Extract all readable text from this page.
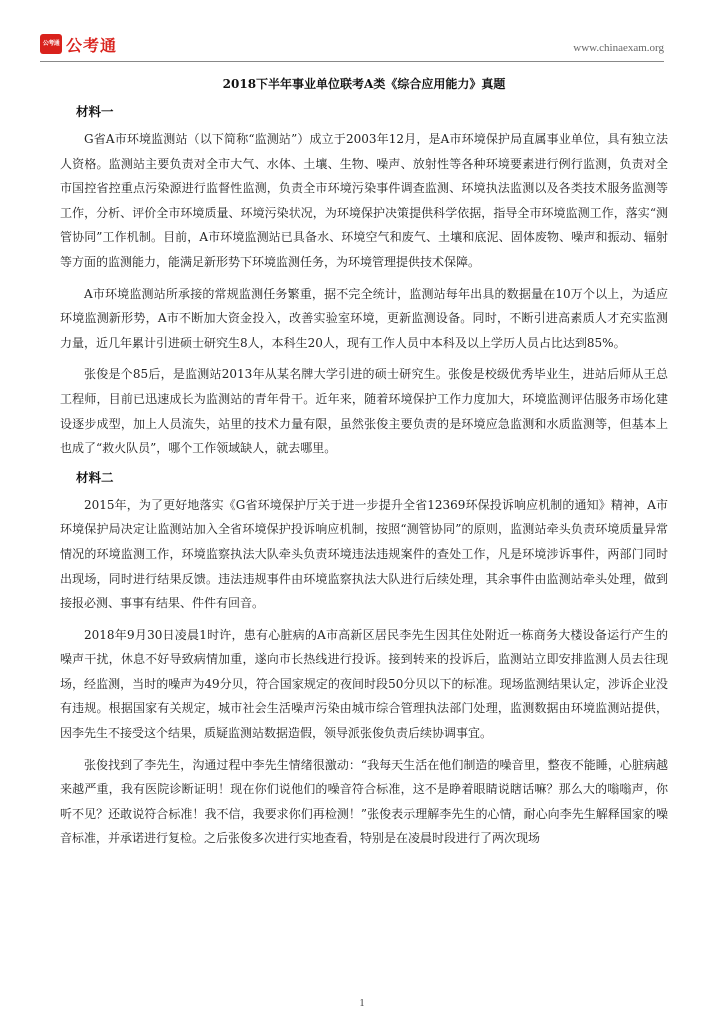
公考通 公考通	www.chinaexam.org
2018下半年事业单位联考A类《综合应用能力》真题
材料一

G省A市环境监测站（以下简称“监测站”）成立于2003年12月，是A市环境保护局直属事业单位，具有独立法人资格。监测站主要负责对全市大气、水体、土壤、生物、噪声、放射性等各种环境要素进行例行监测，负责对全市国控省控重点污染源进行监督性监测，负责全市环境污染事件调查监测、环境执法监测以及各类技术服务监测等工作，分析、评价全市环境质量、环境污染状况，为环境保护决策提供科学依据，指导全市环境监测工作，落实“测管协同”工作机制。目前，A市环境监测站已具备水、环境空气和废气、土壤和底泥、固体废物、噪声和振动、辐射等方面的监测能力，能满足新形势下环境监测任务，为环境管理提供技术保障。

A市环境监测站所承接的常规监测任务繁重，据不完全统计，监测站每年出具的数据量在10万个以上，为适应环境监测新形势，A市不断加大资金投入，改善实验室环境，更新监测设备。同时，不断引进高素质人才充实监测力量，近几年累计引进硕士研究生8人，本科生20人，现有工作人员中本科及以上学历人员占比达到85%。

张俊是个85后，是监测站2013年从某名牌大学引进的硕士研究生。张俊是校级优秀毕业生，进站后师从王总工程师，目前已迅速成长为监测站的青年骨干。近年来，随着环境保护工作力度加大，环境监测评估服务市场化建设逐步成型，加上人员流失，站里的技术力量有限，虽然张俊主要负责的是环境应急监测和水质监测等，但基本上也成了“救火队员”，哪个工作领域缺人，就去哪里。

材料二

2015年，为了更好地落实《G省环境保护厅关于进一步提升全省12369环保投诉响应机制的通知》精神，A市环境保护局决定让监测站加入全省环境保护投诉响应机制，按照“测管协同”的原则，监测站牵头负责环境质量异常情况的环境监测工作，环境监察执法大队牵头负责环境违法违规案件的查处工作，凡是环境涉诉事件，两部门同时出现场，同时进行结果反馈。违法违规事件由环境监察执法大队进行后续处理，其余事件由监测站牵头处理，做到接报必测、事事有结果、件件有回音。

2018年9月30日凌晨1时许，患有心脏病的A市高新区居民李先生因其住处附近一栋商务大楼设备运行产生的噪声干扰，休息不好导致病情加重，遂向市长热线进行投诉。接到转来的投诉后，监测站立即安排监测人员去往现场，经监测，当时的噪声为49分贝，符合国家规定的夜间时段50分贝以下的标准。现场监测结果认定，涉诉企业没有违规。根据国家有关规定，城市社会生活噪声污染由城市综合管理执法部门处理，监测数据由环境监测站提供，因李先生不接受这个结果，质疑监测站数据造假，领导派张俊负责后续协调事宜。

张俊找到了李先生，沟通过程中李先生情绪很激动：“我每天生活在他们制造的噪音里，整夜不能睡，心脏病越来越严重，我有医院诊断证明！现在你们说他们的噪音符合标准，这不是睁着眼睛说瞎话嘛？那么大的嗡嗡声，你听不见？还敢说符合标准！我不信，我要求你们再检测！”张俊表示理解李先生的心情，耐心向李先生解释国家的噪音标准，并承诺进行复检。之后张俊多次进行实地查看，特别是在凌晨时段进行了两次现场

1
